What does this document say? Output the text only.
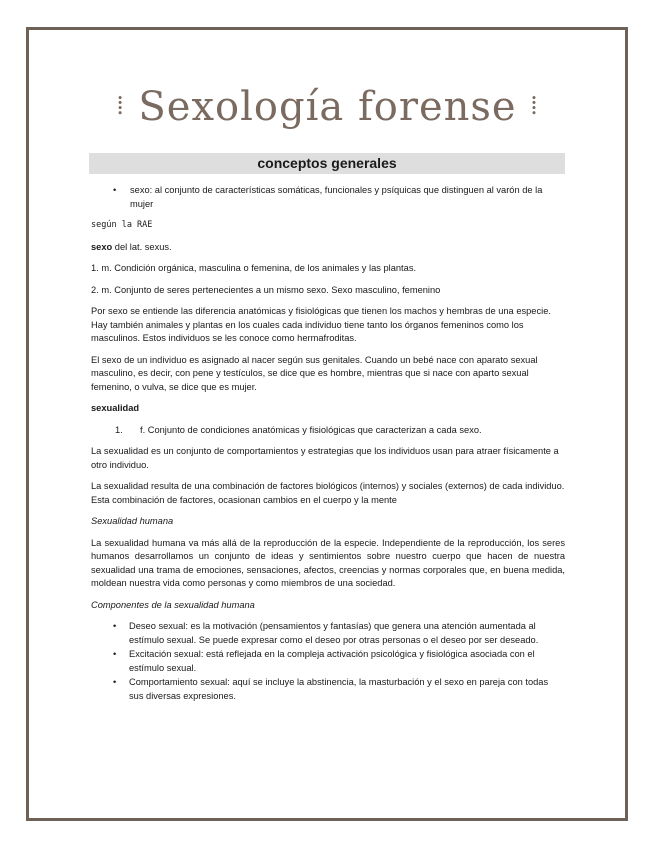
⁞ Sexología forense ⁞
conceptos generales
• sexo: al conjunto de características somáticas, funcionales y psíquicas que distinguen al varón de la mujer

según la RAE

sexo del lat. sexus.

1. m. Condición orgánica, masculina o femenina, de los animales y las plantas.

2. m. Conjunto de seres pertenecientes a un mismo sexo. Sexo masculino, femenino

Por sexo se entiende las diferencia anatómicas y fisiológicas que tienen los machos y hembras de una especie. Hay también animales y plantas en los cuales cada individuo tiene tanto los órganos femeninos como los masculinos. Estos individuos se les conoce como hermafroditas.

El sexo de un individuo es asignado al nacer según sus genitales. Cuando un bebé nace con aparato sexual masculino, es decir, con pene y testículos, se dice que es hombre, mientras que si nace con aparto sexual femenino, o vulva, se dice que es mujer.

sexualidad

1. f. Conjunto de condiciones anatómicas y fisiológicas que caracterizan a cada sexo.

La sexualidad es un conjunto de comportamientos y estrategias que los individuos usan para atraer físicamente a otro individuo.

La sexualidad resulta de una combinación de factores biológicos (internos) y sociales (externos) de cada individuo. Esta combinación de factores, ocasionan cambios en el cuerpo y la mente

Sexualidad humana

La sexualidad humana va más allá de la reproducción de la especie. Independiente de la reproducción, los seres humanos desarrollamos un conjunto de ideas y sentimientos sobre nuestro cuerpo que hacen de nuestra sexualidad una trama de emociones, sensaciones, afectos, creencias y normas corporales que, en buena medida, moldean nuestra vida como personas y como miembros de una sociedad.

Componentes de la sexualidad humana

• Deseo sexual: es la motivación (pensamientos y fantasías) que genera una atención aumentada al estímulo sexual. Se puede expresar como el deseo por otras personas o el deseo por ser deseado.
• Excitación sexual: está reflejada en la compleja activación psicológica y fisiológica asociada con el estímulo sexual.
• Comportamiento sexual: aquí se incluye la abstinencia, la masturbación y el sexo en pareja con todas sus diversas expresiones.
